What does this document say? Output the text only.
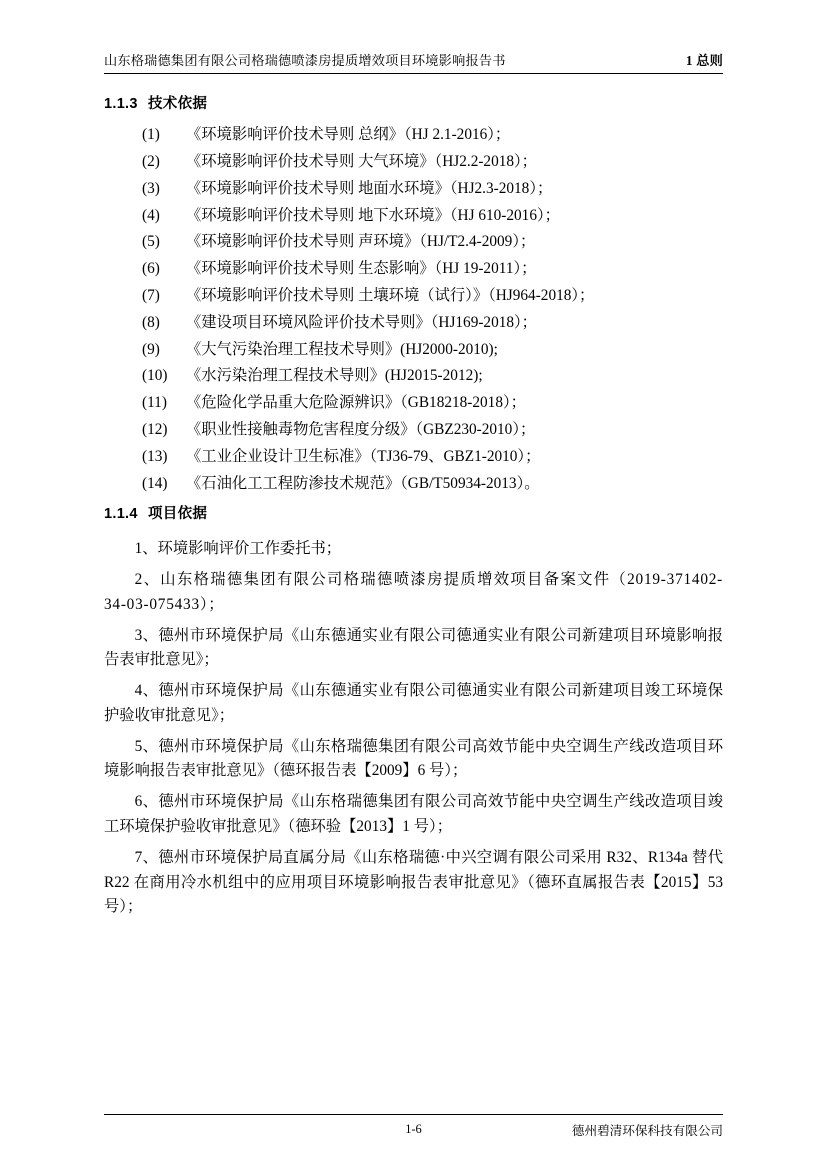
山东格瑞德集团有限公司格瑞德喷漆房提质增效项目环境影响报告书	1 总则
1.1.3 技术依据
(1)	《环境影响评价技术导则 总纲》（HJ 2.1-2016）；
(2)	《环境影响评价技术导则 大气环境》（HJ2.2-2018）；
(3)	《环境影响评价技术导则 地面水环境》（HJ2.3-2018）；
(4)	《环境影响评价技术导则 地下水环境》（HJ 610-2016）；
(5)	《环境影响评价技术导则 声环境》（HJ/T2.4-2009）；
(6)	《环境影响评价技术导则 生态影响》（HJ 19-2011）；
(7)	《环境影响评价技术导则 土壤环境（试行）》（HJ964-2018）；
(8)	《建设项目环境风险评价技术导则》（HJ169-2018）；
(9)	《大气污染治理工程技术导则》(HJ2000-2010);
(10)	《水污染治理工程技术导则》(HJ2015-2012);
(11)	《危险化学品重大危险源辨识》（GB18218-2018）；
(12)	《职业性接触毒物危害程度分级》（GBZ230-2010）；
(13)	《工业企业设计卫生标准》（TJ36-79、GBZ1-2010）；
(14)	《石油化工工程防渗技术规范》（GB/T50934-2013）。
1.1.4 项目依据

1、环境影响评价工作委托书；

2、山东格瑞德集团有限公司格瑞德喷漆房提质增效项目备案文件（2019-371402-34-03-075433）；

3、德州市环境保护局《山东德通实业有限公司德通实业有限公司新建项目环境影响报告表审批意见》；

4、德州市环境保护局《山东德通实业有限公司德通实业有限公司新建项目竣工环境保护验收审批意见》；

5、德州市环境保护局《山东格瑞德集团有限公司高效节能中央空调生产线改造项目环境影响报告表审批意见》（德环报告表【2009】6 号）；

6、德州市环境保护局《山东格瑞德集团有限公司高效节能中央空调生产线改造项目竣工环境保护验收审批意见》（德环验【2013】1 号）；

7、德州市环境保护局直属分局《山东格瑞德·中兴空调有限公司采用 R32、R134a 替代 R22 在商用冷水机组中的应用项目环境影响报告表审批意见》（德环直属报告表【2015】53 号）；

1-6	德州碧清环保科技有限公司
